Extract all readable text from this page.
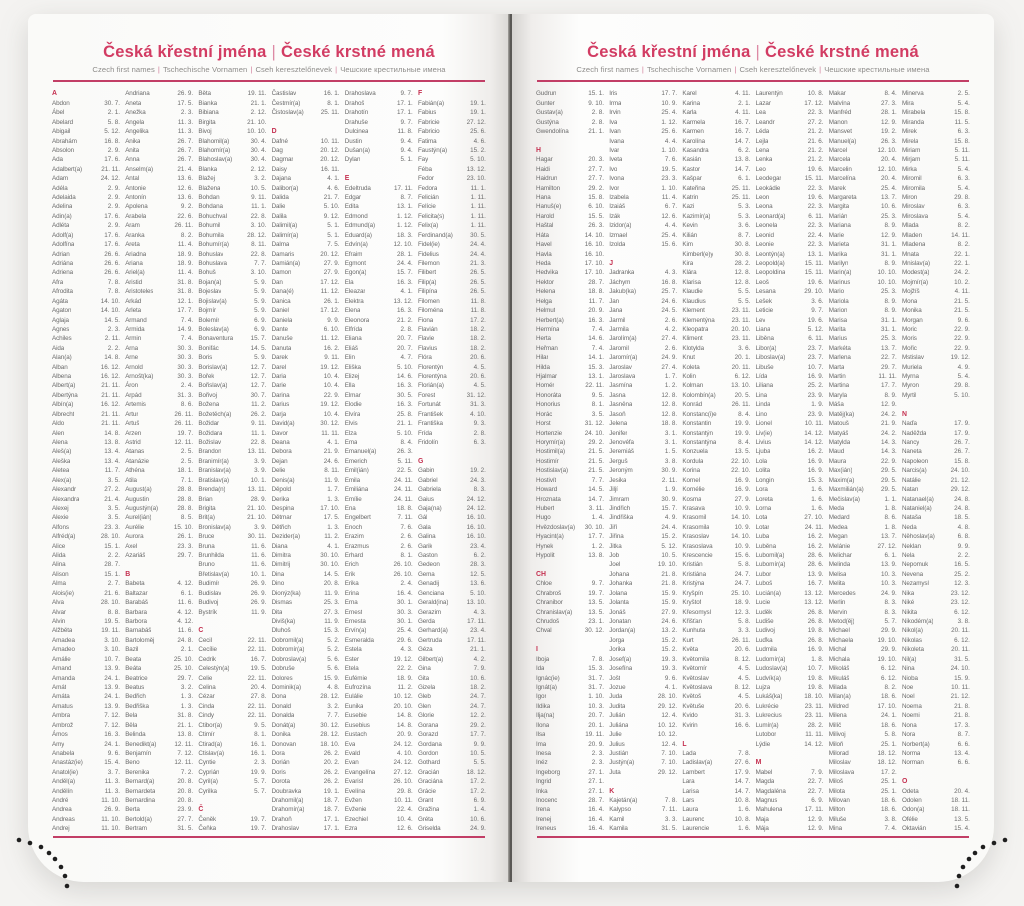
Česká křestní jména | České krstné mená
Czech first names | Tschechische Vornamen | Cseh keresztelőnevek | Чешские крестильные имена
A
Abdon	30. 7.
Ábel	2. 1.
Abelard	5. 8.
Abigail	5. 12.
Abrahám	16. 8.
Absolon	2. 9.
Ada	17. 6.
Adalbert(a)	21. 11.
Adam	24. 12.
Adéla	2. 9.
Adelaida	2. 9.
Adelina	2. 9.
Adin(a)	17. 6.
Adléta	2. 9.
Adolf(a)	17. 6.
Adolfína	17. 6.
Adrian	26. 6.
Adriána	26. 6.
Adriena	26. 6.
Afra	7. 8.
Afrodita	7. 8.
Agáta	14. 10.
Agaton	14. 10.
Aglaja	14. 5.
Agnes	2. 3.
Achiles	2. 11.
Aida	2. 2.
Alan(a)	14. 8.
Alban	16. 12.
Albena	16. 12.
Albert(a)	21. 11.
Albertýna	21. 11.
Albín(a)	16. 12.
Albrecht	21. 11.
Aldo	21. 11.
Alen	14. 8.
Alena	13. 8.
Aleš(a)	13. 4.
Aleška	13. 4.
Aletea	11. 7.
Alex(a)	3. 5.
Alexandr	27. 2.
Alexandra	21. 4.
Alexej	3. 5.
Alexie	3. 5.
Alfons	23. 3.
Alfréd(a)	28. 10.
Alice	15. 1.
Alida	2. 2.
Alina	28. 7.
Alison	15. 1.
Alma	2. 7.
Alois(ie)	21. 6.
Alva	28. 10.
Alvar	8. 8.
Alvin	19. 5.
Alžběta	19. 11.
Amadea	3. 10.
Amadeo	3. 10.
Amálie	10. 7.
Amand	13. 9.
Amanda	24. 1.
Amát	13. 9.
Amáta	24. 1.
Amatus	13. 9.
Ambra	7. 12.
Ambrož	7. 12.
Ámos	16. 3.
Amy	24. 1.
Anabela	9. 6.
Anastáz(ie)	15. 4.
Anatol(ie)	3. 7.
Anděl(a)	11. 3.
Andělín	11. 3.
André	11. 10.
Andrea	26. 9.
Andreas	11. 10.
Andrej	11. 10.
Andriana	26. 9.
Aneta	17. 5.
Anežka	2. 3.
Angela	11. 3.
Angelika	11. 3.
Anika	26. 7.
Anita	26. 7.
Anna	26. 7.
Anselm(a)	21. 4.
Antal	13. 6.
Antonie	12. 6.
Antonín	13. 6.
Apolena	9. 2.
Arabela	22. 6.
Aram	26. 11.
Aranka	8. 2.
Areta	11. 4.
Ariadna	18. 9.
Ariana	18. 9.
Ariel(a)	11. 4.
Aristid	31. 8.
Aristoteles	31. 8.
Arkád	12. 1.
Arleta	17. 7.
Armand	7. 4.
Armida	14. 9.
Armin	7. 4.
Arna	30. 3.
Arne	30. 3.
Arnold	30. 3.
Arnošt(ka)	30. 3.
Áron	2. 4.
Arpád	31. 3.
Artemis	8. 6.
Artur	26. 11.
Artuš	26. 11.
Arzen	19. 7.
Astrid	12. 11.
Atanas	2. 5.
Atanázie	2. 5.
Athéna	18. 1.
Atila	7. 1.
August(a)	28. 8.
Augustin	28. 8.
Augustýn(a)	28. 8.
Aurel(ián)	8. 5.
Aurélie	15. 10.
Aurora	26. 1.
Axel	23. 3.
Azariáš	29. 7.
B
Babeta	4. 12.
Baltazar	6. 1.
Barabáš	11. 6.
Barbara	4. 12.
Barbora	4. 12.
Barnabáš	11. 6.
Bartoloměj	24. 8.
Bazil	2. 1.
Beata	25. 10.
Beáta	25. 10.
Beatrice	29. 7.
Beatus	3. 2.
Bedřich	1. 3.
Bedřiška	1. 3.
Bela	31. 8.
Běla	21. 1.
Belinda	13. 8.
Benedikt(a)	12. 11.
Benjamín	7. 12.
Beno	12. 11.
Berenika	7. 2.
Bernard(a)	20. 8.
Bernardeta	20. 8.
Bernardina	20. 8.
Berta	23. 9.
Bertold(a)	27. 7.
Bertram	31. 5.
Běta	19. 11.
Bianka	21. 1.
Bibiana	2. 12.
Birgita	21. 10.
Bivoj	10. 10.
Blahomil(a)	30. 4.
Blahomír(a)	30. 4.
Blahoslav(a)	30. 4.
Blanka	2. 12.
Blažej	3. 2.
Blažena	10. 5.
Bohdan	9. 11.
Bohdana	11. 1.
Bohuchval	22. 8.
Bohumil	3. 10.
Bohumila	28. 12.
Bohumír(a)	8. 11.
Bohuslav	22. 8.
Bohuslava	7. 7.
Bohuš	3. 10.
Bojan(a)	5. 9.
Bojeslav	5. 9.
Bojislav(a)	5. 9.
Bojmír	5. 9.
Bolemír	6. 9.
Boleslav(a)	6. 9.
Bonaventura	15. 7.
Bonifác	14. 5.
Boris	5. 9.
Borislav(a)	12. 7.
Bořek	12. 7.
Bořislav(a)	12. 7.
Bořivoj	30. 7.
Božena	11. 2.
Božetěch(a)	26. 2.
Božidar	9. 11.
Božidara	11. 1.
Božislav	22. 8.
Brandon	13. 11.
Branimír(a)	3. 9.
Branislav(a)	3. 9.
Bratislav(a)	10. 1.
Brenda(n)	13. 11.
Brian	28. 9.
Brigita	21. 10.
Brit(a)	21. 10.
Bronislav(a)	3. 9.
Bruce	30. 11.
Bruna	11. 6.
Brunhilda	11. 6.
Bruno	11. 6.
Břetislav(a)	10. 1.
Budimír	26. 9.
Budislav	26. 9.
Budivoj	26. 9.
Bystrík	11. 9.
C
Cecil	22. 11.
Cecílie	22. 11.
Cedrik	16. 7.
Celestýn(a)	19. 5.
Celie	22. 11.
Celina	20. 4.
Cézar	27. 8.
Cinda	22. 11.
Cindy	22. 11.
Ctibor(a)	9. 5.
Ctimír	8. 1.
Ctirad(a)	16. 1.
Ctislav(a)	16. 1.
Cyntie	2. 3.
Cyprián	19. 9.
Cyril(a)	5. 7.
Cyrilka	5. 7.
Č
Čeněk	19. 7.
Čeňka	19. 7.
Častislav	16. 1.
Čestmír(a)	8. 1.
Čistoslav(a)	25. 11.
D
Dafné	10. 11.
Dag	20. 12.
Dagmar	20. 12.
Daisy	16. 11.
Dajana	4. 1.
Dalibor(a)	4. 6.
Dalida	21. 7.
Dalie	5. 10.
Dalila	9. 12.
Dalimil(a)	5. 1.
Dalimír(a)	5. 1.
Dalma	7. 5.
Damaris	20. 12.
Damián(a)	27. 9.
Damon	27. 9.
Dan	17. 12.
Dana(é)	11. 12.
Danica	26. 1.
Daniel	17. 12.
Daniela	9. 9.
Dante	6. 10.
Danuše	11. 12.
Danuta	16. 2.
Darek	9. 11.
Darel	19. 12.
Daria	10. 4.
Darie	10. 4.
Darina	22. 9.
Darius	19. 12.
Darja	10. 4.
David(a)	30. 12.
Davor	11. 11.
Deana	4. 1.
Debora	21. 9.
Dejan	24. 6.
Delie	8. 11.
Denis(a)	11. 9.
Děpold	1. 7.
Derika	1. 3.
Despina	17. 10.
Dětmar	17. 5.
Dětřich	1. 3.
Dezider(a)	11. 2.
Diana	4. 1.
Dimitra	30. 10.
Dimitrij	30. 10.
Dina	14. 5.
Dino	20. 8.
Dionýz(ka)	11. 9.
Dismas	25. 3.
Dita	27. 3.
Diviš(ka)	11. 9.
Dluhoš	15. 3.
Dobromil(a)	5. 2.
Dobromír(a)	5. 2.
Dobroslav(a)	5. 6.
Dobruše	5. 6.
Dolores	15. 9.
Dominik(a)	4. 8.
Dona	28. 12.
Donald	3. 2.
Donalda	7. 7.
Donát(a)	30. 12.
Donika	28. 12.
Donovan	18. 10.
Dora	26. 2.
Dorián	20. 2.
Doris	26. 2.
Dorota	26. 2.
Doubravka	19. 1.
Drahomil(a)	18. 7.
Drahomír(a)	18. 7.
Drahoň	17. 1.
Drahoslav	17. 1.
Drahoslava	9. 7.
Drahoš	17. 1.
Drahotín	17. 1.
Drahuše	9. 7.
Dulcinea	11. 8.
Dustin	9. 4.
Dušan(a)	9. 4.
Dylan	5. 1.
E
Edeltruda	17. 11.
Edgar	8. 7.
Edita	13. 1.
Edmond	1. 12.
Edmund(a)	1. 12.
Eduard(a)	18. 3.
Edvín(a)	12. 10.
Efraim	28. 1.
Egmont	24. 4.
Egon(a)	15. 7.
Ela	16. 3.
Eleazar	4. 1.
Elektra	13. 12.
Elena	16. 3.
Eleonora	21. 2.
Elfrída	2. 8.
Eliana	20. 7.
Eliáš	20. 7.
Elin	4. 7.
Eliška	5. 10.
Elizej	14. 6.
Ella	16. 3.
Elmar	30. 5.
Elodie	16. 3.
Elvíra	25. 8.
Elvis	21. 1.
Elza	5. 10.
Ema	8. 4.
Emanuel(a)	26. 3.
Emerich	5. 11.
Emil(ián)	22. 5.
Emila	24. 11.
Emiliána	24. 11.
Emílie	24. 11.
Ena	18. 8.
Engelbert	7. 11.
Enoch	7. 6.
Erazim	2. 6.
Erazmus	2. 6.
Erhard	8. 1.
Erich	26. 10.
Erik	26. 10.
Erika	2. 4.
Erina	16. 4.
Erna	30. 1.
Ernest	30. 3.
Ernesta	30. 1.
Ervín(a)	25. 4.
Esmeralda	29. 6.
Estela	4. 3.
Ester	19. 12.
Etela	22. 2.
Eufémie	18. 9.
Eufrozína	11. 2.
Eulálie	10. 12.
Eunika	20. 10.
Eusebie	14. 8.
Eusebius	14. 8.
Eustach	20. 9.
Eva	24. 12.
Evald	4. 10.
Evan	24. 12.
Evangelína	27. 12.
Evarist	26. 10.
Evelína	29. 8.
Evžen	10. 11.
Evženie	22. 4.
Ezechiel	10. 4.
Ezra	12. 6.
F
Fabián(a)	19. 1.
Fabius	19. 1.
Fabricie	27. 12.
Fabricio	25. 6.
Fatima	4. 6.
Faustýn(a)	15. 2.
Fay	5. 10.
Féba	13. 12.
Fedor	23. 10.
Fedora	11. 1.
Felicián	1. 11.
Felície	1. 11.
Felicita(s)	1. 11.
Felix(a)	1. 11.
Ferdinand(a)	30. 5.
Fidel(ie)	24. 4.
Fidelius	24. 4.
Filemon	21. 3.
Filibert	26. 5.
Filip(a)	26. 5.
Filipína	26. 5.
Filomen	11. 8.
Filoména	11. 8.
Fiona	17. 2.
Flavián	18. 2.
Flavie	18. 2.
Flavius	18. 2.
Flóra	20. 6.
Florentýn	4. 5.
Florentýna	20. 6.
Florián(a)	4. 5.
Forest	31. 12.
Fortunát	31. 3.
František	4. 10.
Františka	9. 3.
Frída	2. 8.
Fridolín	6. 3.
G
Gabin	19. 2.
Gabriel	24. 3.
Gabriela	8. 3.
Gaius	24. 12.
Gaja(na)	24. 12.
Gál	16. 10.
Gala	16. 10.
Galina	16. 10.
Garik	23. 4.
Gaston	6. 2.
Gedeon	28. 3.
Gema	12. 5.
Genadij	13. 6.
Genciana	5. 10.
Gerald(ina)	13. 10.
Gerazim	4. 3.
Gerda	17. 11.
Gerhard(a)	23. 4.
Gertruda	17. 11.
Géza	21. 1.
Gilbert(a)	4. 2.
Gina	7. 9.
Gita	10. 6.
Gizela	18. 2.
Gleb	24. 7.
Glen	24. 7.
Glorie	12. 2.
Gorana	29. 2.
Gorazd	17. 7.
Gordana	9. 9.
Gordon	10. 5.
Gothard	5. 5.
Gracián	18. 12.
Graciána	17. 2.
Grácie	17. 2.
Grant	6. 9.
Gražina	1. 4.
Gréta	10. 6.
Griselda	24. 9.
Česká křestní jména | České krstné mená
Czech first names | Tschechische Vornamen | Cseh keresztelőnevek | Чешские крестильные имена
Gudrun	15. 1.
Gunter	9. 10.
Gustav(a)	2. 8.
Gustýna	2. 8.
Gwendolína	21. 1.
H
Hagar	20. 3.
Haidi	27. 7.
Haidrun	27. 7.
Hamilton	29. 2.
Hana	15. 8.
Hanuš(e)	6. 10.
Harold	15. 5.
Haštal	26. 3.
Háta	14. 10.
Havel	16. 10.
Havla	16. 10.
Heda	17. 10.
Hedvika	17. 10.
Hektor	28. 7.
Helena	18. 8.
Helga	11. 7.
Helmut	20. 9.
Herbert(a)	16. 3.
Hermína	7. 4.
Herta	14. 6.
Heřman	7. 4.
Hilar	14. 1.
Hilda	15. 3.
Hjalmar	13. 1.
Homér	22. 11.
Honoráta	9. 5.
Honorius	8. 1.
Horác	3. 5.
Horst	31. 12.
Hortenzie	24. 10.
Horymír(a)	29. 2.
Hostimil(a)	21. 5.
Hostimír	21. 5.
Hostislav(a)	21. 5.
Hostivít	7. 7.
Howard	14. 5.
Hroznata	14. 7.
Hubert	3. 11.
Hugo	1. 4.
Hvězdoslav(a)	30. 10.
Hyacint(a)	17. 7.
Hynek	1. 2.
Hypolit	13. 8.
CH
Chloe	9. 7.
Chrabroš	19. 7.
Chranibor	13. 5.
Chranislav(a)	13. 5.
Chrudoš	23. 1.
Chval	30. 12.
I
Iboja	7. 8.
Ida	15. 3.
Ignác(ie)	31. 7.
Ignát(a)	31. 7.
Igor	1. 10.
Ildika	10. 3.
Ilja(na)	20. 7.
Ilona	20. 1.
Ilsa	19. 11.
Ima	20. 9.
Inesa	2. 3.
Inéz	2. 3.
Ingeborg	27. 1.
Ingrid	27. 1.
Inka	27. 1.
Inocenc	28. 7.
Irena	16. 4.
Irenej	16. 4.
Ireneus	16. 4.
Iris	17. 7.
Irma	10. 9.
Irvin	25. 4.
Iva	1. 12.
Ivan	25. 6.
Ivana	4. 4.
Ivar	1. 10.
Iveta	7. 6.
Ivo	19. 5.
Ivona	23. 3.
Ivor	1. 10.
Izabela	11. 4.
Izaiáš	6. 7.
Izák	12. 6.
Izidor(a)	4. 4.
Izmael	25. 4.
Izolda	15. 6.
J
Jadranka	4. 3.
Jáchym	16. 8.
Jakub(ka)	25. 7.
Jan	24. 6.
Jana	24. 5.
Jarmil	2. 6.
Jarmila	4. 2.
Jarolím(a)	27. 4.
Jaromil	2. 6.
Jaromír(a)	24. 9.
Jaroslav	27. 4.
Jaroslava	1. 7.
Jasmína	1. 2.
Jasna	12. 8.
Jasněna	12. 8.
Jasoň	12. 8.
Jelena	18. 8.
Jenifer	3. 1.
Jenovéfa	3. 1.
Jeremiáš	1. 5.
Jerguš	3. 8.
Jeroným	30. 9.
Jesika	2. 11.
Jiljí	1. 9.
Jimram	30. 9.
Jindřich	15. 7.
Jindřiška	4. 9.
Jiří	24. 4.
Jiřina	15. 2.
Jitka	5. 12.
Job	10. 5.
Joel	19. 10.
Johana	21. 8.
Johanka	21. 8.
Jolana	15. 9.
Jolanta	15. 9.
Jonáš	27. 9.
Jonatan	24. 6.
Jordan(a)	13. 2.
Jorga	15. 2.
Jorika	15. 2.
Josef(a)	19. 3.
Josefína	19. 3.
Jošt	9. 6.
Jozue	4. 1.
Juda	28. 10.
Judita	29. 12.
Julián	12. 4.
Juliána	10. 12.
Julie	10. 12.
Julius	12. 4.
Justián	7. 10.
Justýn(a)	7. 10.
Juta	29. 12.
K
Kajetán(a)	7. 8.
Kalypso	7. 11.
Kamil	3. 3.
Kamila	31. 5.
Karel	4. 11.
Karina	2. 1.
Karla	4. 11.
Karmela	16. 7.
Karmen	16. 7.
Karolína	14. 7.
Kasandra	6. 2.
Kasián	13. 8.
Kastor	14. 7.
Kašpar	6. 1.
Kateřina	25. 11.
Katrin	25. 11.
Kazi	5. 3.
Kazimír(a)	5. 3.
Kevin	3. 6.
Kilián	8. 7.
Kim	30. 8.
Kimberl(e)y	30. 8.
Kira	28. 2.
Klára	12. 8.
Klarisa	12. 8.
Klaudie	5. 5.
Klaudius	5. 5.
Klement	23. 11.
Klementýna	23. 11.
Kleopatra	20. 10.
Kliment	23. 11.
Klotylda	3. 6.
Knut	20. 1.
Koleta	20. 11.
Kolin	6. 12.
Kolman	13. 10.
Kolombín(a)	20. 5.
Konrád	26. 11.
Konstanc(i)e	8. 4.
Konstantin	19. 9.
Konstantýn	19. 9.
Konstantýna	8. 4.
Konzuela	13. 5.
Kordula	22. 10.
Korina	22. 10.
Kornel	16. 9.
Kornélie	16. 9.
Kosma	27. 9.
Krasava	10. 9.
Krasomil	14. 10.
Krasomila	10. 9.
Krasoslav	14. 10.
Krasoslava	10. 9.
Krescencie	15. 6.
Kristián	5. 8.
Kristiána	24. 7.
Kristýna	24. 7.
Kryšpín	25. 10.
Kryštof	18. 9.
Křesomysl	12. 3.
Křišťan	5. 8.
Kunhuta	3. 3.
Kurt	26. 11.
Květa	20. 6.
Květomila	8. 12.
Květomír	4. 5.
Květoslav	4. 5.
Květoslava	8. 12.
Květoš	4. 5.
Květuše	20. 6.
Kvido	31. 3.
Kvirin	16. 6.
L
Lada	7. 8.
Ladislav(a)	27. 6.
Lambert	17. 9.
Lara	14. 7.
Larisa	14. 7.
Lars	10. 8.
Laura	1. 6.
Laurenc	10. 8.
Laurencie	1. 6.
Laurentýn	10. 8.
Lazar	17. 12.
Lea	22. 3.
Leandr	27. 2.
Léda	21. 2.
Lejla	21. 6.
Lena	21. 2.
Lenka	21. 2.
Leo	19. 6.
Leodegar	15. 11.
Leokádie	22. 3.
Leon	19. 6.
Leona	22. 3.
Leonard(a)	6. 11.
Leonela	22. 3.
Leonid	22. 4.
Leonie	22. 3.
Leontýn(a)	13. 1.
Leopold(a)	15. 11.
Leopoldina	15. 11.
Leoš	19. 6.
Lesana	29. 10.
Lešek	3. 6.
Leticie	9. 7.
Lev	19. 6.
Liana	5. 12.
Liběna	6. 11.
Libor(a)	23. 7.
Liboslav(a)	23. 7.
Libuše	10. 7.
Lída	16. 9.
Liliana	25. 2.
Lina	23. 9.
Linda	1. 9.
Lino	23. 9.
Lionel	10. 11.
Liv(ie)	14. 12.
Livius	14. 12.
Ljuba	16. 2.
Lola	16. 9.
Lolita	16. 9.
Longin	15. 3.
Lora	1. 6.
Loreta	1. 6.
Lorna	1. 6.
Lota	27. 10.
Lotar	24. 11.
Luba	16. 2.
Luběna	16. 2.
Lubomil(a)	28. 6.
Lubomír(a)	28. 6.
Lubor	13. 9.
Luboš	16. 7.
Lucián(a)	13. 12.
Lucie	13. 12.
Luděk	26. 8.
Ludiše	26. 8.
Ludivoj	19. 8.
Luďka	26. 8.
Ludmila	16. 9.
Ludomír(a)	1. 8.
Ludoslav(a)	10. 7.
Ludvík(a)	19. 8.
Lujza	19. 8.
Lukáš(ka)	18. 10.
Lukrécie	23. 11.
Lukrecius	23. 11.
Lumír(a)	28. 2.
Lutobor	11. 11.
Lýdie	14. 12.
M
Mabel	7. 9.
Magda	22. 7.
Magdaléna	22. 7.
Magnus	6. 9.
Mahulena	17. 11.
Maja	12. 9.
Mája	12. 9.
Makar	8. 4.
Malvína	27. 3.
Manfréd	28. 1.
Manon	12. 9.
Mansvet	19. 2.
Manuel(a)	26. 3.
Marcel	12. 10.
Marcela	20. 4.
Marcelin	12. 10.
Marcelína	20. 4.
Marek	25. 4.
Margareta	13. 7.
Margita	10. 6.
Marián	25. 3.
Mariana	8. 9.
Marie	12. 9.
Marieta	31. 1.
Marika	31. 1.
Marilyn	8. 9.
Marin(a)	10. 10.
Marinus	10. 10.
Mario	25. 3.
Mariola	8. 9.
Marion	8. 9.
Marisa	31. 1.
Marita	31. 1.
Marius	25. 3.
Markéta	13. 7.
Marlena	22. 7.
Marta	29. 7.
Martin	11. 11.
Martina	17. 7.
Maryla	8. 9.
Máša	12. 9.
Matěj(ka)	24. 2.
Matouš	21. 9.
Matyáš	24. 2.
Matylda	14. 3.
Maud	14. 3.
Maura	22. 9.
Max(ián)	29. 5.
Maxim(a)	29. 5.
Maxmilián(a)	29. 5.
Mečislav(a)	1. 1.
Meda	1. 8.
Medard	8. 6.
Medea	1. 8.
Megan	13. 7.
Melánie	27. 12.
Melichar	6. 1.
Melinda	13. 9.
Melisa	10. 3.
Melita	10. 3.
Mercedes	24. 9.
Merlin	8. 3.
Mervin	8. 3.
Metod(ěj)	5. 7.
Michael	29. 9.
Michaela	19. 10.
Michal	29. 9.
Michala	19. 10.
Mikoláš	6. 12.
Mikuláš	6. 12.
Milada	8. 2.
Milan(a)	18. 6.
Mildred	17. 10.
Milena	24. 1.
Milíč	18. 6.
Milivoj	5. 8.
Miloň	25. 1.
Milorad	18. 12.
Miloslav	18. 12.
Miloslava	17. 2.
Miloš	25. 1.
Milota	25. 1.
Milovan	18. 6.
Milton	18. 6.
Miluše	3. 8.
Mina	7. 4.
Minerva	2. 5.
Mira	5. 4.
Mirabela	15. 8.
Miranda	11. 5.
Mirek	6. 3.
Mirela	15. 8.
Miriam	5. 11.
Mirjam	5. 11.
Mirka	5. 4.
Miromil	6. 3.
Miromila	5. 4.
Miron	29. 8.
Miroslav	6. 3.
Miroslava	5. 4.
Mlada	8. 2.
Mladen	14. 11.
Mladena	8. 2.
Mnata	22. 1.
Mnislav(a)	22. 1.
Modest(a)	24. 2.
Mojmír(a)	10. 2.
Mojžíš	4. 11.
Mona	21. 5.
Monika	21. 5.
Morgan	9. 6.
Moric	22. 9.
Moris	22. 9.
Mořic	22. 9.
Mstislav	19. 12.
Muriela	4. 9.
Myrna	5. 4.
Myron	29. 8.
Myrtil	5. 10.
N
Naďa	17. 9.
Naděžda	17. 9.
Nancy	26. 7.
Naneta	26. 7.
Napoleon	15. 8.
Narcis(a)	24. 10.
Natálie	21. 12.
Natan	29. 12.
Natanael(a)	24. 8.
Nataniel(a)	24. 8.
Nataša	18. 5.
Neda	4. 8.
Něhoslav(a)	6. 8.
Neklan	9. 9.
Nela	2. 2.
Nepomuk	16. 5.
Nevena	25. 2.
Nezamysl	12. 3.
Nika	23. 12.
Niké	23. 12.
Nikita	6. 12.
Nikodém(a)	3. 8.
Nikol(a)	20. 11.
Nikolas	6. 12.
Nikoleta	20. 11.
Nil(a)	31. 5.
Nina	24. 10.
Nioba	15. 9.
Noe	10. 11.
Noel	21. 12.
Noema	21. 8.
Noemi	21. 8.
Nona	17. 3.
Nora	8. 7.
Norbert(a)	6. 6.
Norma	13. 4.
Norman	6. 6.
O
Odeta	20. 4.
Odolen	18. 11.
Odon(a)	18. 11.
Ofélie	13. 5.
Oktavián	15. 4.
